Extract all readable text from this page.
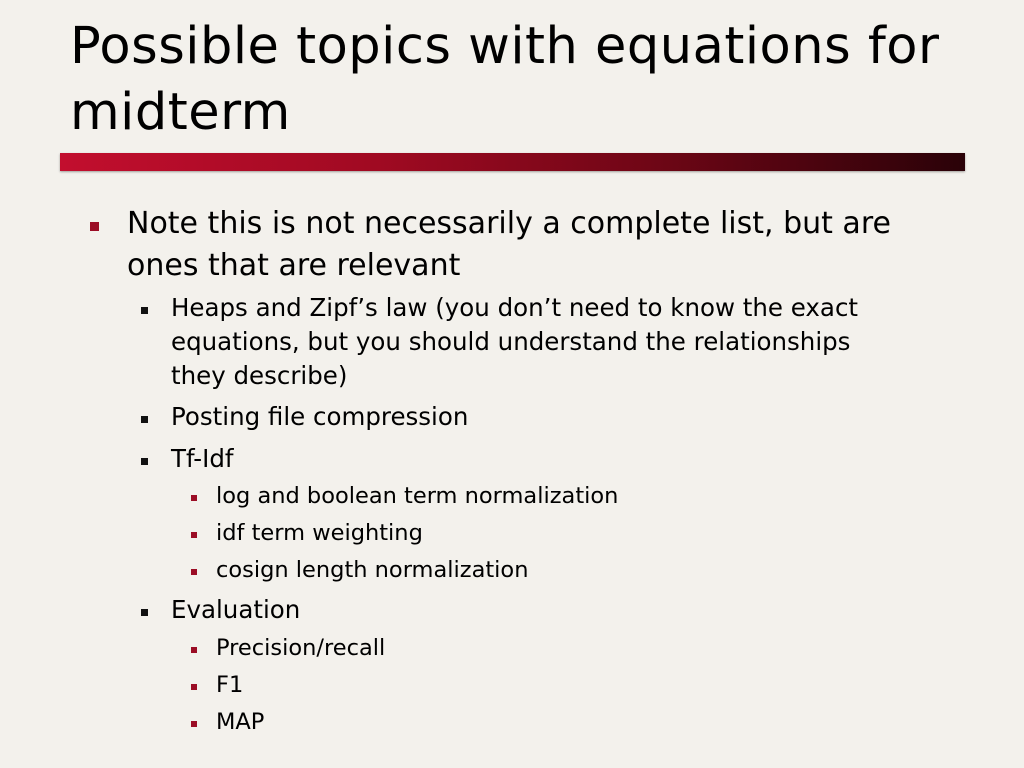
Possible topics with equations for midterm
Note this is not necessarily a complete list, but are ones that are relevant
Heaps and Zipf’s law (you don’t need to know the exact equations, but you should understand the relationships they describe)
Posting file compression
Tf-Idf
log and boolean term normalization
idf term weighting
cosign length normalization
Evaluation
Precision/recall
F1
MAP
